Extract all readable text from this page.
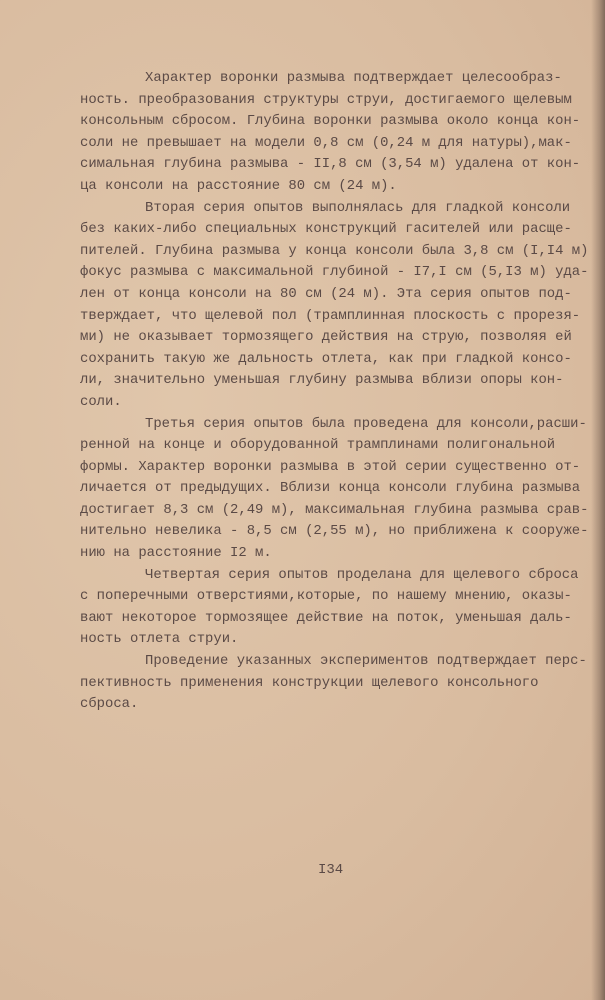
Характер воронки размыва подтверждает целесообраз-
ность. преобразования структуры струи, достигаемого щелевым
консольным сбросом. Глубина воронки размыва около конца кон-
соли не превышает на модели 0,8 см (0,24 м для натуры),мак-
симальная глубина размыва - II,8 см (3,54 м) удалена от кон-
ца консоли на расстояние 80 см (24 м).
Вторая серия опытов выполнялась для гладкой консоли
без каких-либо специальных конструкций гасителей или расще-
пителей. Глубина размыва у конца консоли была 3,8 см (I,I4 м)
фокус размыва с максимальной глубиной - I7,I см (5,I3 м) уда-
лен от конца консоли на 80 см (24 м). Эта серия опытов под-
тверждает, что щелевой пол (трамплинная плоскость с прорезя-
ми) не оказывает тормозящего действия на струю, позволяя ей
сохранить такую же дальность отлета, как при гладкой консо-
ли, значительно уменьшая глубину размыва вблизи опоры кон-
соли.
Третья серия опытов была проведена для консоли,расши-
ренной на конце и оборудованной трамплинами полигональной
формы. Характер воронки размыва в этой серии существенно от-
личается от предыдущих. Вблизи конца консоли глубина размыва
достигает 8,3 см (2,49 м), максимальная глубина размыва срав-
нительно невелика - 8,5 см (2,55 м), но приближена к сооруже-
нию на расстояние I2 м.
Четвертая серия опытов проделана для щелевого сброса
с поперечными отверстиями,которые, по нашему мнению, оказы-
вают некоторое тормозящее действие на поток, уменьшая даль-
ность отлета струи.
Проведение указанных экспериментов подтверждает перс-
пективность применения конструкции щелевого консольного
сброса.
I34
